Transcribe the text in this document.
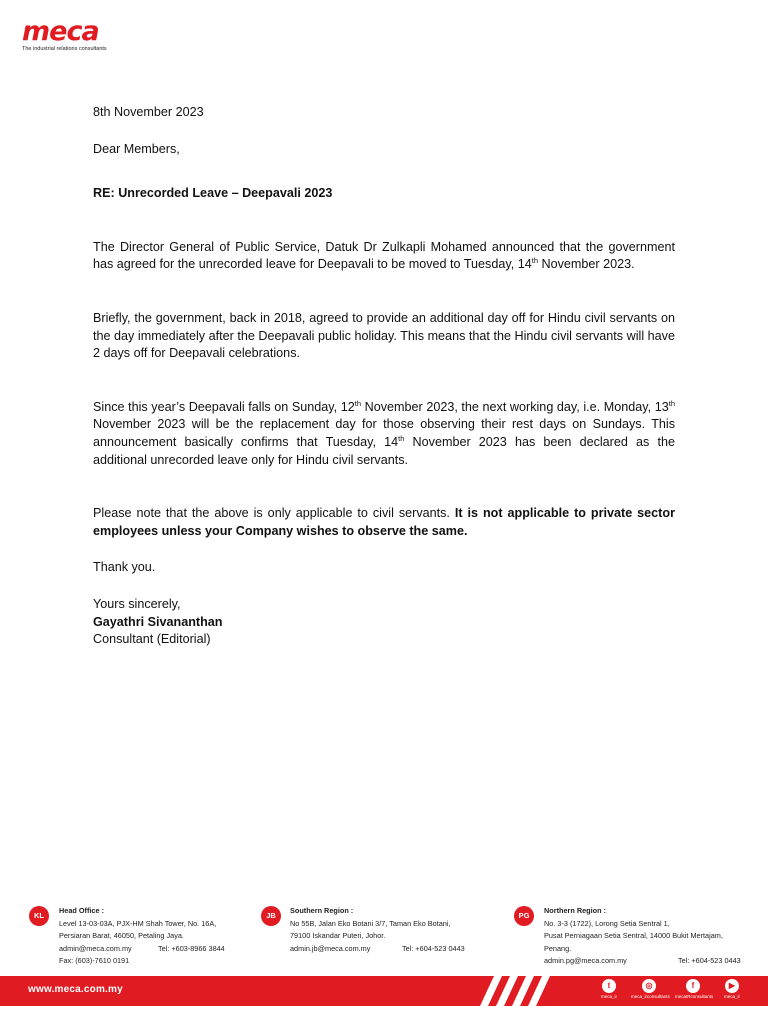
meca
The industrial relations consultants

8th November 2023

Dear Members,

RE: Unrecorded Leave – Deepavali 2023

The Director General of Public Service, Datuk Dr Zulkapli Mohamed announced that the government has agreed for the unrecorded leave for Deepavali to be moved to Tuesday, 14th November 2023.

Briefly, the government, back in 2018, agreed to provide an additional day off for Hindu civil servants on the day immediately after the Deepavali public holiday. This means that the Hindu civil servants will have 2 days off for Deepavali celebrations.

Since this year’s Deepavali falls on Sunday, 12th November 2023, the next working day, i.e. Monday, 13th November 2023 will be the replacement day for those observing their rest days on Sundays. This announcement basically confirms that Tuesday, 14th November 2023 has been declared as the additional unrecorded leave only for Hindu civil servants.

Please note that the above is only applicable to civil servants. It is not applicable to private sector employees unless your Company wishes to observe the same.

Thank you.

Yours sincerely,

Gayathri Sivananthan

Consultant (Editorial)

KL
Head Office :
Level 13-03-03A, PJX-HM Shah Tower, No. 16A,
Persiaran Barat, 46050, Petaling Jaya.
admin@meca.com.my
Fax: (603)-7610 0191
Tel: +603-8966 3844
JB
Southern Region :
No 55B, Jalan Eko Botani 3/7, Taman Eko Botani,
79100 Iskandar Puteri, Johor.
admin.jb@meca.com.my	Tel: +604-523 0443
PG
Northern Region :
No. 3-3 (1722), Lorong Setia Sentral 1,
Pusat Perniagaan Setia Sentral, 14000 Bukit Mertajam,
Penang.
admin.pg@meca.com.my	Tel: +604-523 0443
www.meca.com.my	t
meca_ir
◎
meca_irconsultants
f
mecaIRconsultants
▶
meca_ir
